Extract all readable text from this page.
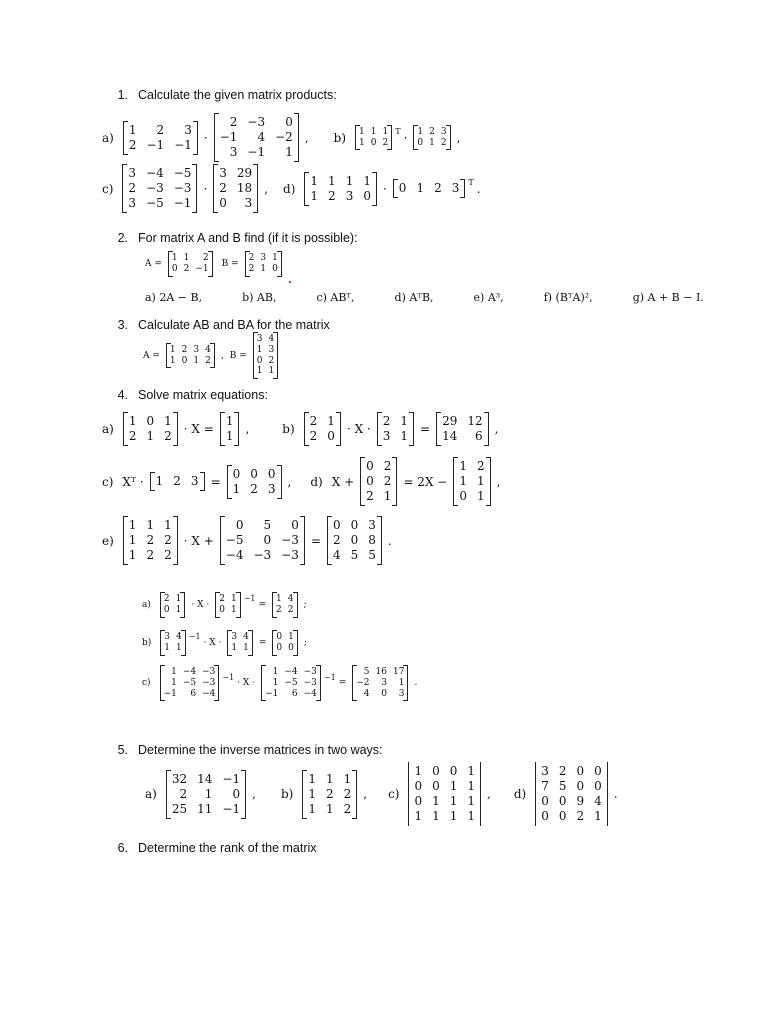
1. Calculate the given matrix products:
2. For matrix A and B find (if it is possible):
3. Calculate AB and BA for the matrix
4. Solve matrix equations:
5. Determine the inverse matrices in two ways:
6. Determine the rank of the matrix
a)
1	2	3
2	−1	−1 ·
2	−3	0
−1	4	−2
3	−1	1

, b) 1	1	1
1	0	2

$^T$ · 1	2	3
0	1	2 ,
c)
3	−4	−5
2	−3	−3
3	−5	−1

·
3	29
2	18
0	3

, d)
1	1	1	1
1	2	3	0 · 0	1	2	3 $^T$ .
A =
1	1	2
0	2	−1 B =
2	3	1
2	1	0

a) 2A − B,	b) AB,	c) ABᵀ,	d) AᵀB,	e) A³,	f) (BᵀA)²,	g) A + B − I.
A =
1	2	3	4
1	0	1	2 , B =
3	4
1	3
0	2
1	1

a)
1	0	1
2	1	2 · X =
1
1 ,	b)
2	1
2	0 · X ·
2	1
3	1 =
29	12
14	6 ,
c) Xᵀ · 1	2	3 =
0	0	0
1	2	3 , d) X +
0	2
0	2
2	1

= 2X −
1	2
1	1
0	1

,
e)
1	1	1
1	2	2
1	2	2

· X +
0	5	0
−5	0	−3
−4	−3	−3

=
0	0	3
2	0	8
4	5	5

.
a)
2	1
0	1 · X ·
2	1
0	1

$^{-1}$
=
1	4
2	2 ;
b)
3	4
1	1

$^{-1}$
· X ·
3	4
1	1 =
0	1
0	0 ;
c)
1	−4	−3
1	−5	−3
−1	6	−4

$^{-1}$
· X ·
1	−4	−3
1	−5	−3
−1	6	−4

$^{-1}$
=
5	16	17
−2	3	1
4	0	3

.
a)
32	14	−1
2	1	0
25	11	−1

, b)
1	1	1
1	2	2
1	1	2

, c)
1	0	0	1
0	0	1	1
0	1	1	1
1	1	1	1
, d)
3	2	0	0
7	5	0	0
0	0	9	4
0	0	2	1
.
